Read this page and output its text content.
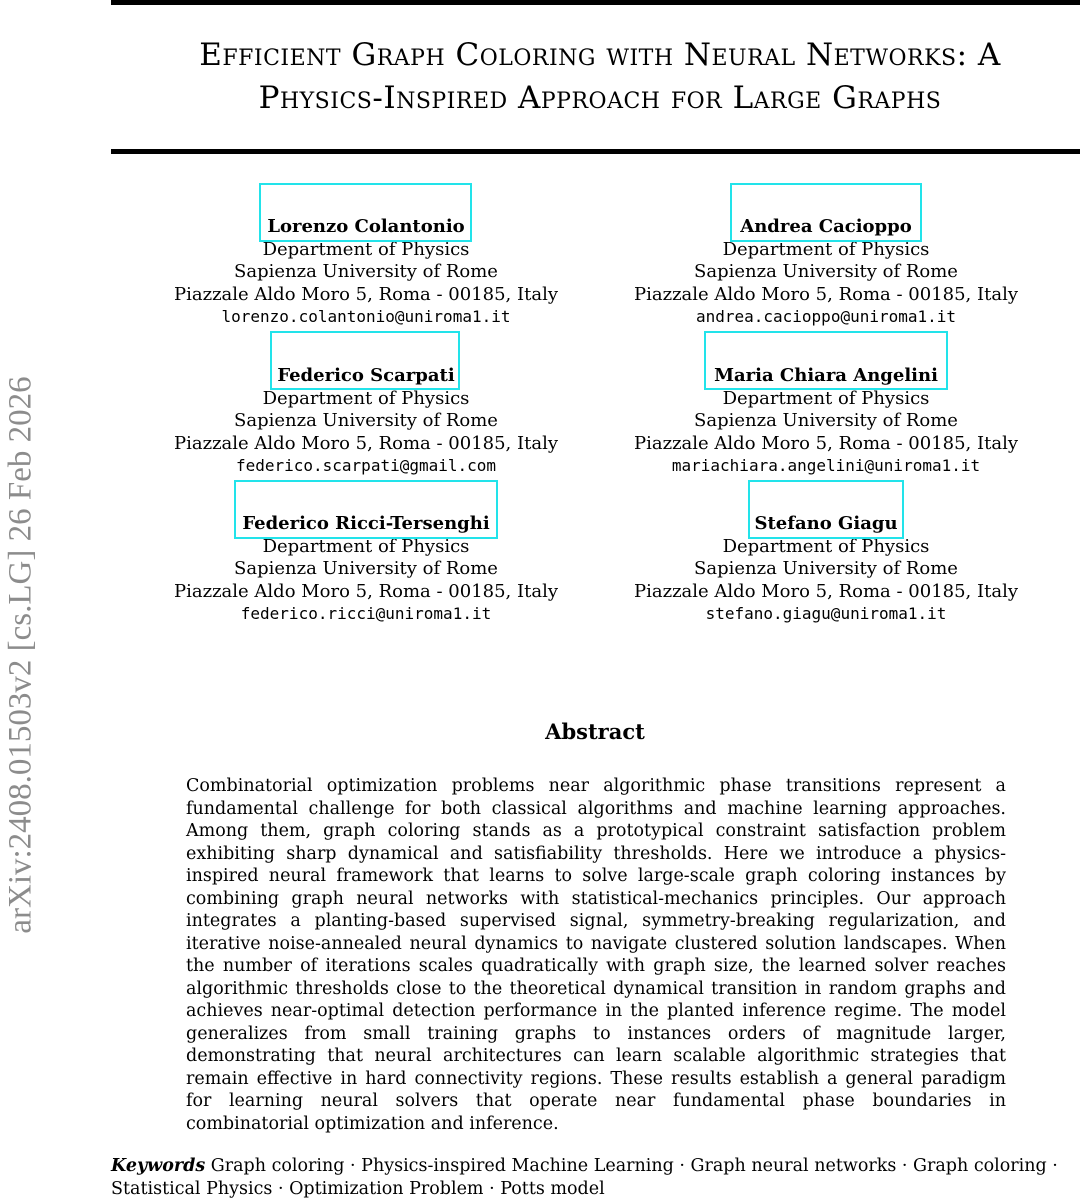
Efficient Graph Coloring with Neural Networks: A
Physics-Inspired Approach for Large Graphs
arXiv:2408.01503v2 [cs.LG] 26 Feb 2026
Lorenzo Colantonio
Department of Physics
Sapienza University of Rome
Piazzale Aldo Moro 5, Roma - 00185, Italy
lorenzo.colantonio@uniroma1.it
Andrea Cacioppo
Department of Physics
Sapienza University of Rome
Piazzale Aldo Moro 5, Roma - 00185, Italy
andrea.cacioppo@uniroma1.it
Federico Scarpati
Department of Physics
Sapienza University of Rome
Piazzale Aldo Moro 5, Roma - 00185, Italy
federico.scarpati@gmail.com
Maria Chiara Angelini
Department of Physics
Sapienza University of Rome
Piazzale Aldo Moro 5, Roma - 00185, Italy
mariachiara.angelini@uniroma1.it
Federico Ricci-Tersenghi
Department of Physics
Sapienza University of Rome
Piazzale Aldo Moro 5, Roma - 00185, Italy
federico.ricci@uniroma1.it
Stefano Giagu
Department of Physics
Sapienza University of Rome
Piazzale Aldo Moro 5, Roma - 00185, Italy
stefano.giagu@uniroma1.it
Abstract
Combinatorial optimization problems near algorithmic phase transitions represent a fundamental challenge for both classical algorithms and machine learning approaches. Among them, graph coloring stands as a prototypical constraint satisfaction problem exhibiting sharp dynamical and satisfiability thresholds. Here we introduce a physics-inspired neural framework that learns to solve large-scale graph coloring instances by combining graph neural networks with statistical-mechanics principles. Our approach integrates a planting-based supervised signal, symmetry-breaking regularization, and iterative noise-annealed neural dynamics to navigate clustered solution landscapes. When the number of iterations scales quadratically with graph size, the learned solver reaches algorithmic thresholds close to the theoretical dynamical transition in random graphs and achieves near-optimal detection performance in the planted inference regime. The model generalizes from small training graphs to instances orders of magnitude larger, demonstrating that neural architectures can learn scalable algorithmic strategies that remain effective in hard connectivity regions. These results establish a general paradigm for learning neural solvers that operate near fundamental phase boundaries in combinatorial optimization and inference.
Keywords Graph coloring · Physics-inspired Machine Learning · Graph neural networks · Graph coloring · Statistical Physics · Optimization Problem · Potts model
